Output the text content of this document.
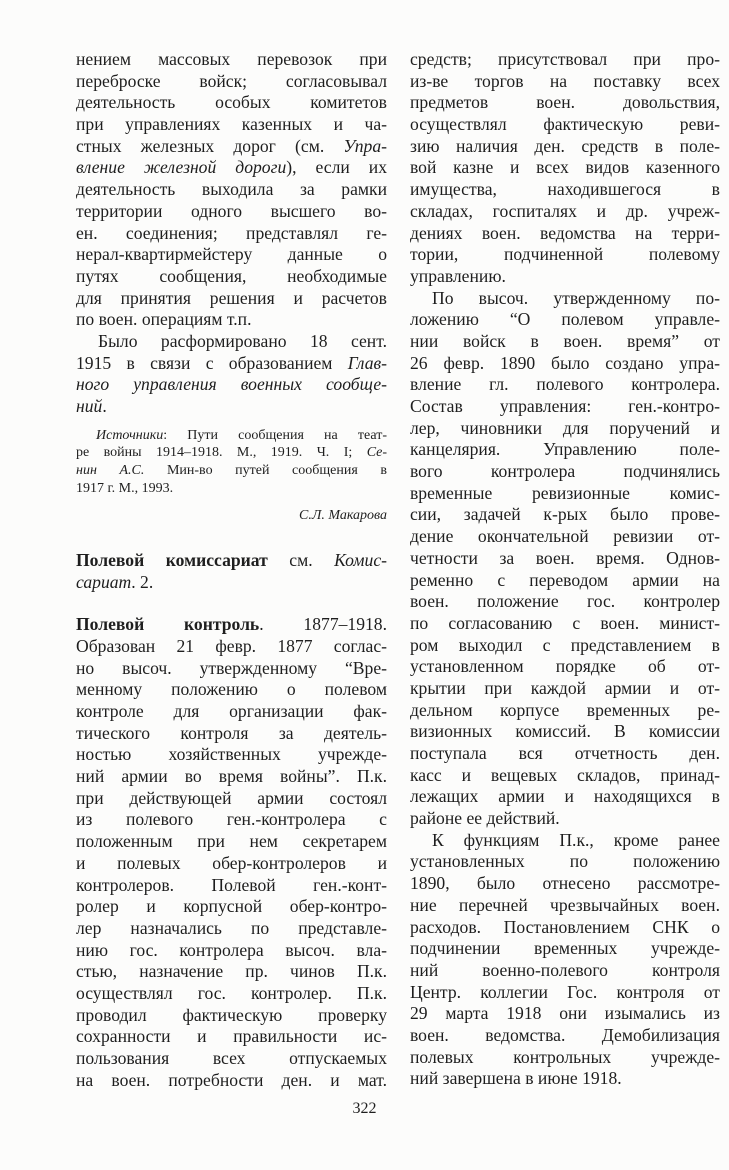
нением массовых перевозок при
переброске войск; согласовывал
деятельность особых комитетов
при управлениях казенных и ча-
стных железных дорог (см. Упра-
вление железной дороги), если их
деятельность выходила за рамки
территории одного высшего во-
ен. соединения; представлял ге-
нерал-квартирмейстеру данные о
путях сообщения, необходимые
для принятия решения и расчетов
по воен. операциям т.п.
Было расформировано 18 сент.
1915 в связи с образованием Глав-
ного управления военных сообще-
ний.
Источники: Пути сообщения на теат-
ре войны 1914–1918. М., 1919. Ч. I; Се-
нин А.С. Мин-во путей сообщения в
1917 г. М., 1993.
С.Л. Макарова
Полевой комиссариат см. Комис-
сариат. 2.
Полевой контроль. 1877–1918.
Образован 21 февр. 1877 соглас-
но высоч. утвержденному “Вре-
менному положению о полевом
контроле для организации фак-
тического контроля за деятель-
ностью хозяйственных учрежде-
ний армии во время войны”. П.к.
при действующей армии состоял
из полевого ген.-контролера с
положенным при нем секретарем
и полевых обер-контролеров и
контролеров. Полевой ген.-конт-
ролер и корпусной обер-контро-
лер назначались по представле-
нию гос. контролера высоч. вла-
стью, назначение пр. чинов П.к.
осуществлял гос. контролер. П.к.
проводил фактическую проверку
сохранности и правильности ис-
пользования всех отпускаемых
на воен. потребности ден. и мат.
средств; присутствовал при про-
из-ве торгов на поставку всех
предметов воен. довольствия,
осуществлял фактическую реви-
зию наличия ден. средств в поле-
вой казне и всех видов казенного
имущества, находившегося в
складах, госпиталях и др. учреж-
дениях воен. ведомства на терри-
тории, подчиненной полевому
управлению.
По высоч. утвержденному по-
ложению “О полевом управле-
нии войск в воен. время” от
26 февр. 1890 было создано упра-
вление гл. полевого контролера.
Состав управления: ген.-контро-
лер, чиновники для поручений и
канцелярия. Управлению поле-
вого контролера подчинялись
временные ревизионные комис-
сии, задачей к-рых было прове-
дение окончательной ревизии от-
четности за воен. время. Однов-
ременно с переводом армии на
воен. положение гос. контролер
по согласованию с воен. минист-
ром выходил с представлением в
установленном порядке об от-
крытии при каждой армии и от-
дельном корпусе временных ре-
визионных комиссий. В комиссии
поступала вся отчетность ден.
касс и вещевых складов, принад-
лежащих армии и находящихся в
районе ее действий.
К функциям П.к., кроме ранее
установленных по положению
1890, было отнесено рассмотре-
ние перечней чрезвычайных воен.
расходов. Постановлением СНК о
подчинении временных учрежде-
ний военно-полевого контроля
Центр. коллегии Гос. контроля от
29 марта 1918 они изымались из
воен. ведомства. Демобилизация
полевых контрольных учрежде-
ний завершена в июне 1918.
322
